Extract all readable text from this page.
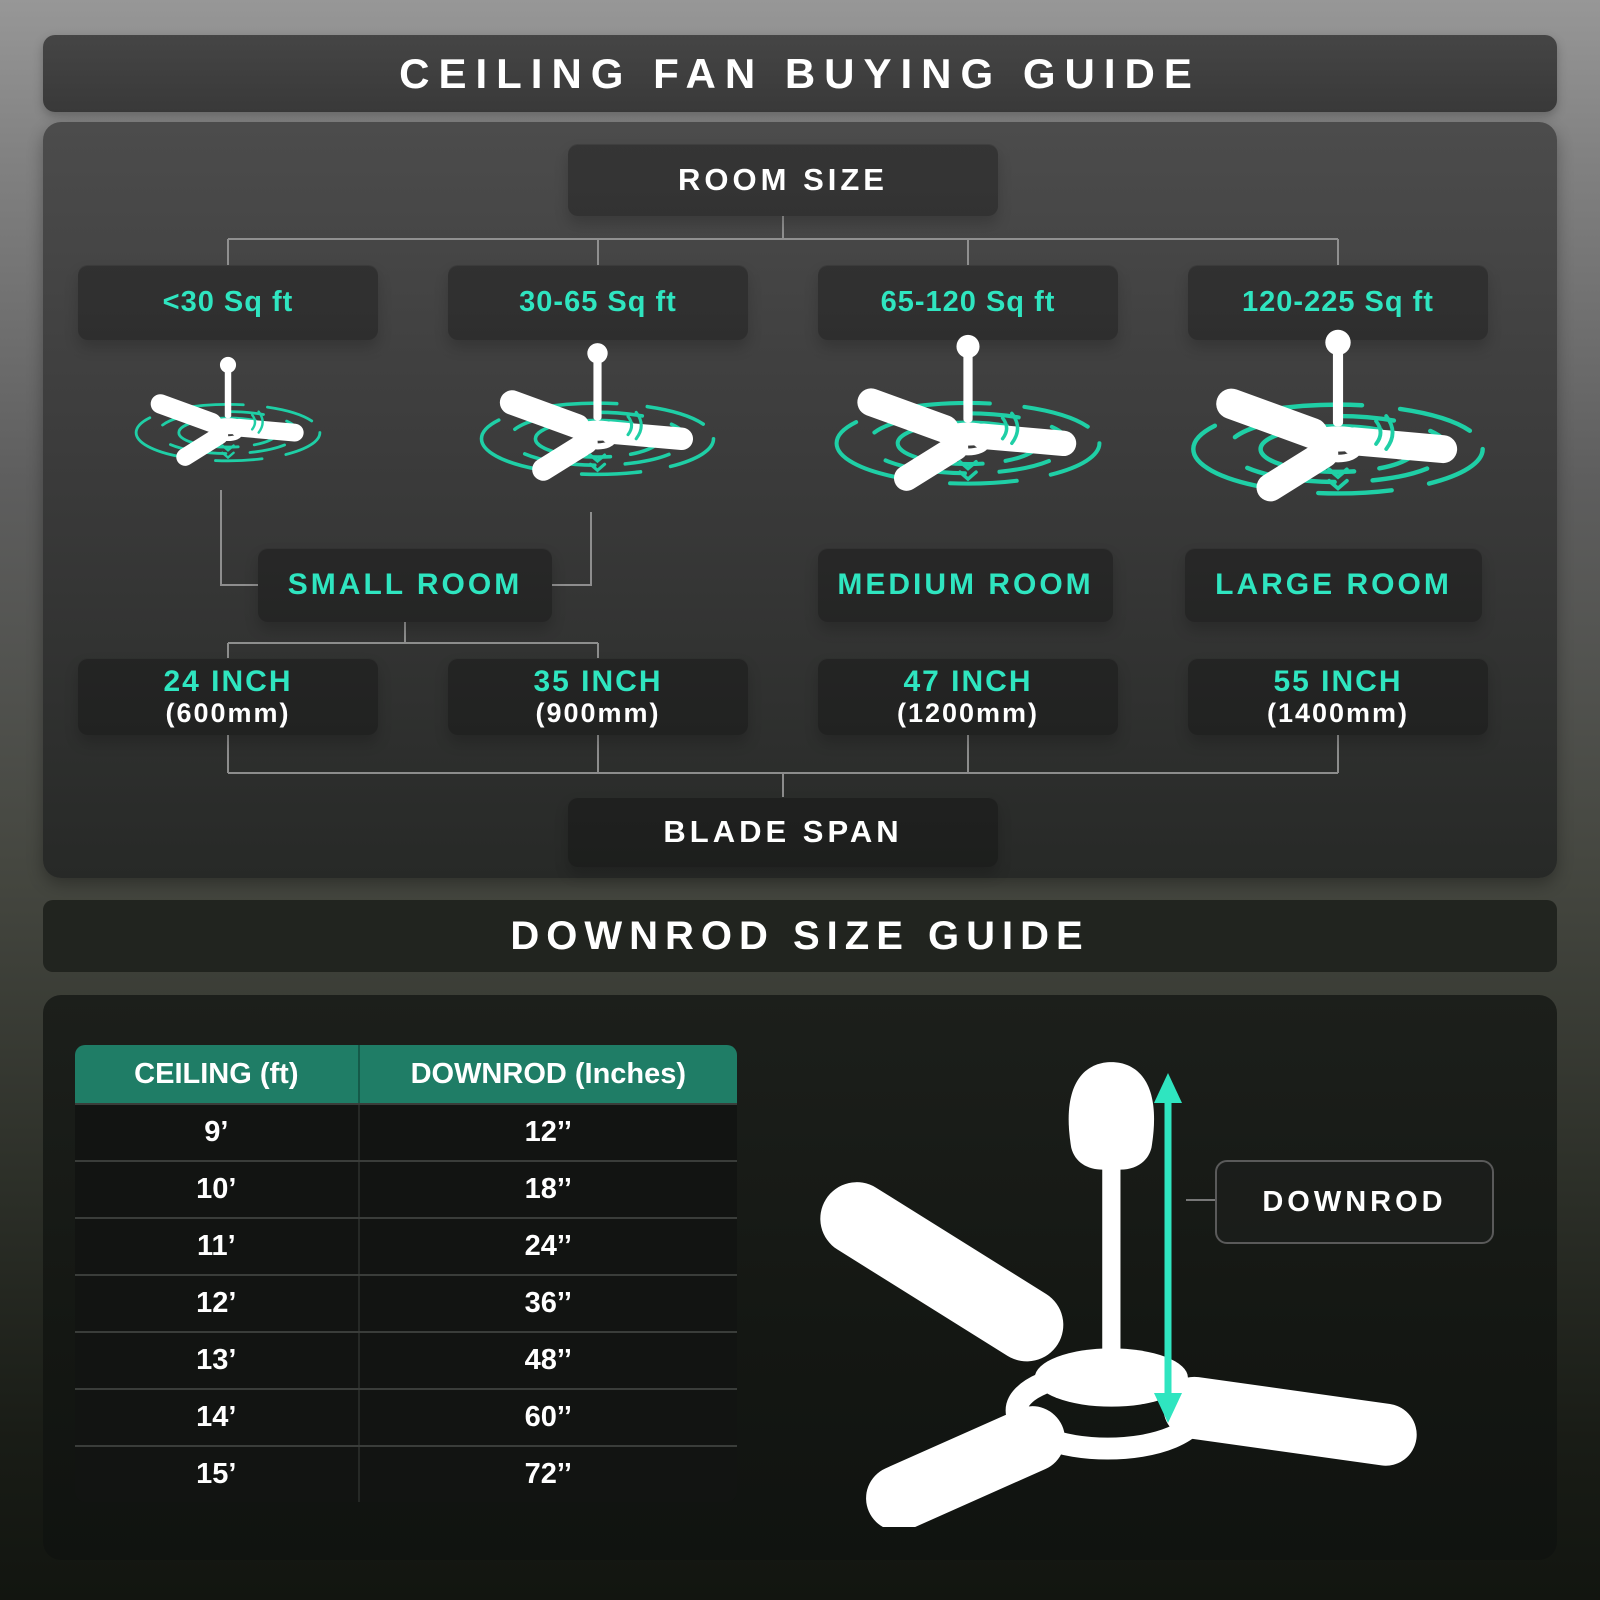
CEILING FAN BUYING GUIDE
ROOM SIZE
<30 Sq ft	30-65 Sq ft	65-120 Sq ft	120-225 Sq ft
SMALL ROOM	MEDIUM ROOM	LARGE ROOM
24 INCH
(600mm)
35 INCH
(900mm)
47 INCH
(1200mm)
55 INCH
(1400mm)
BLADE SPAN
DOWNROD SIZE GUIDE
CEILING (ft)	DOWNROD (Inches)
9’	12’’
10’	18’’
11’	24’’
12’	36’’
13’	48’’
14’	60’’
15’	72’’
DOWNROD
